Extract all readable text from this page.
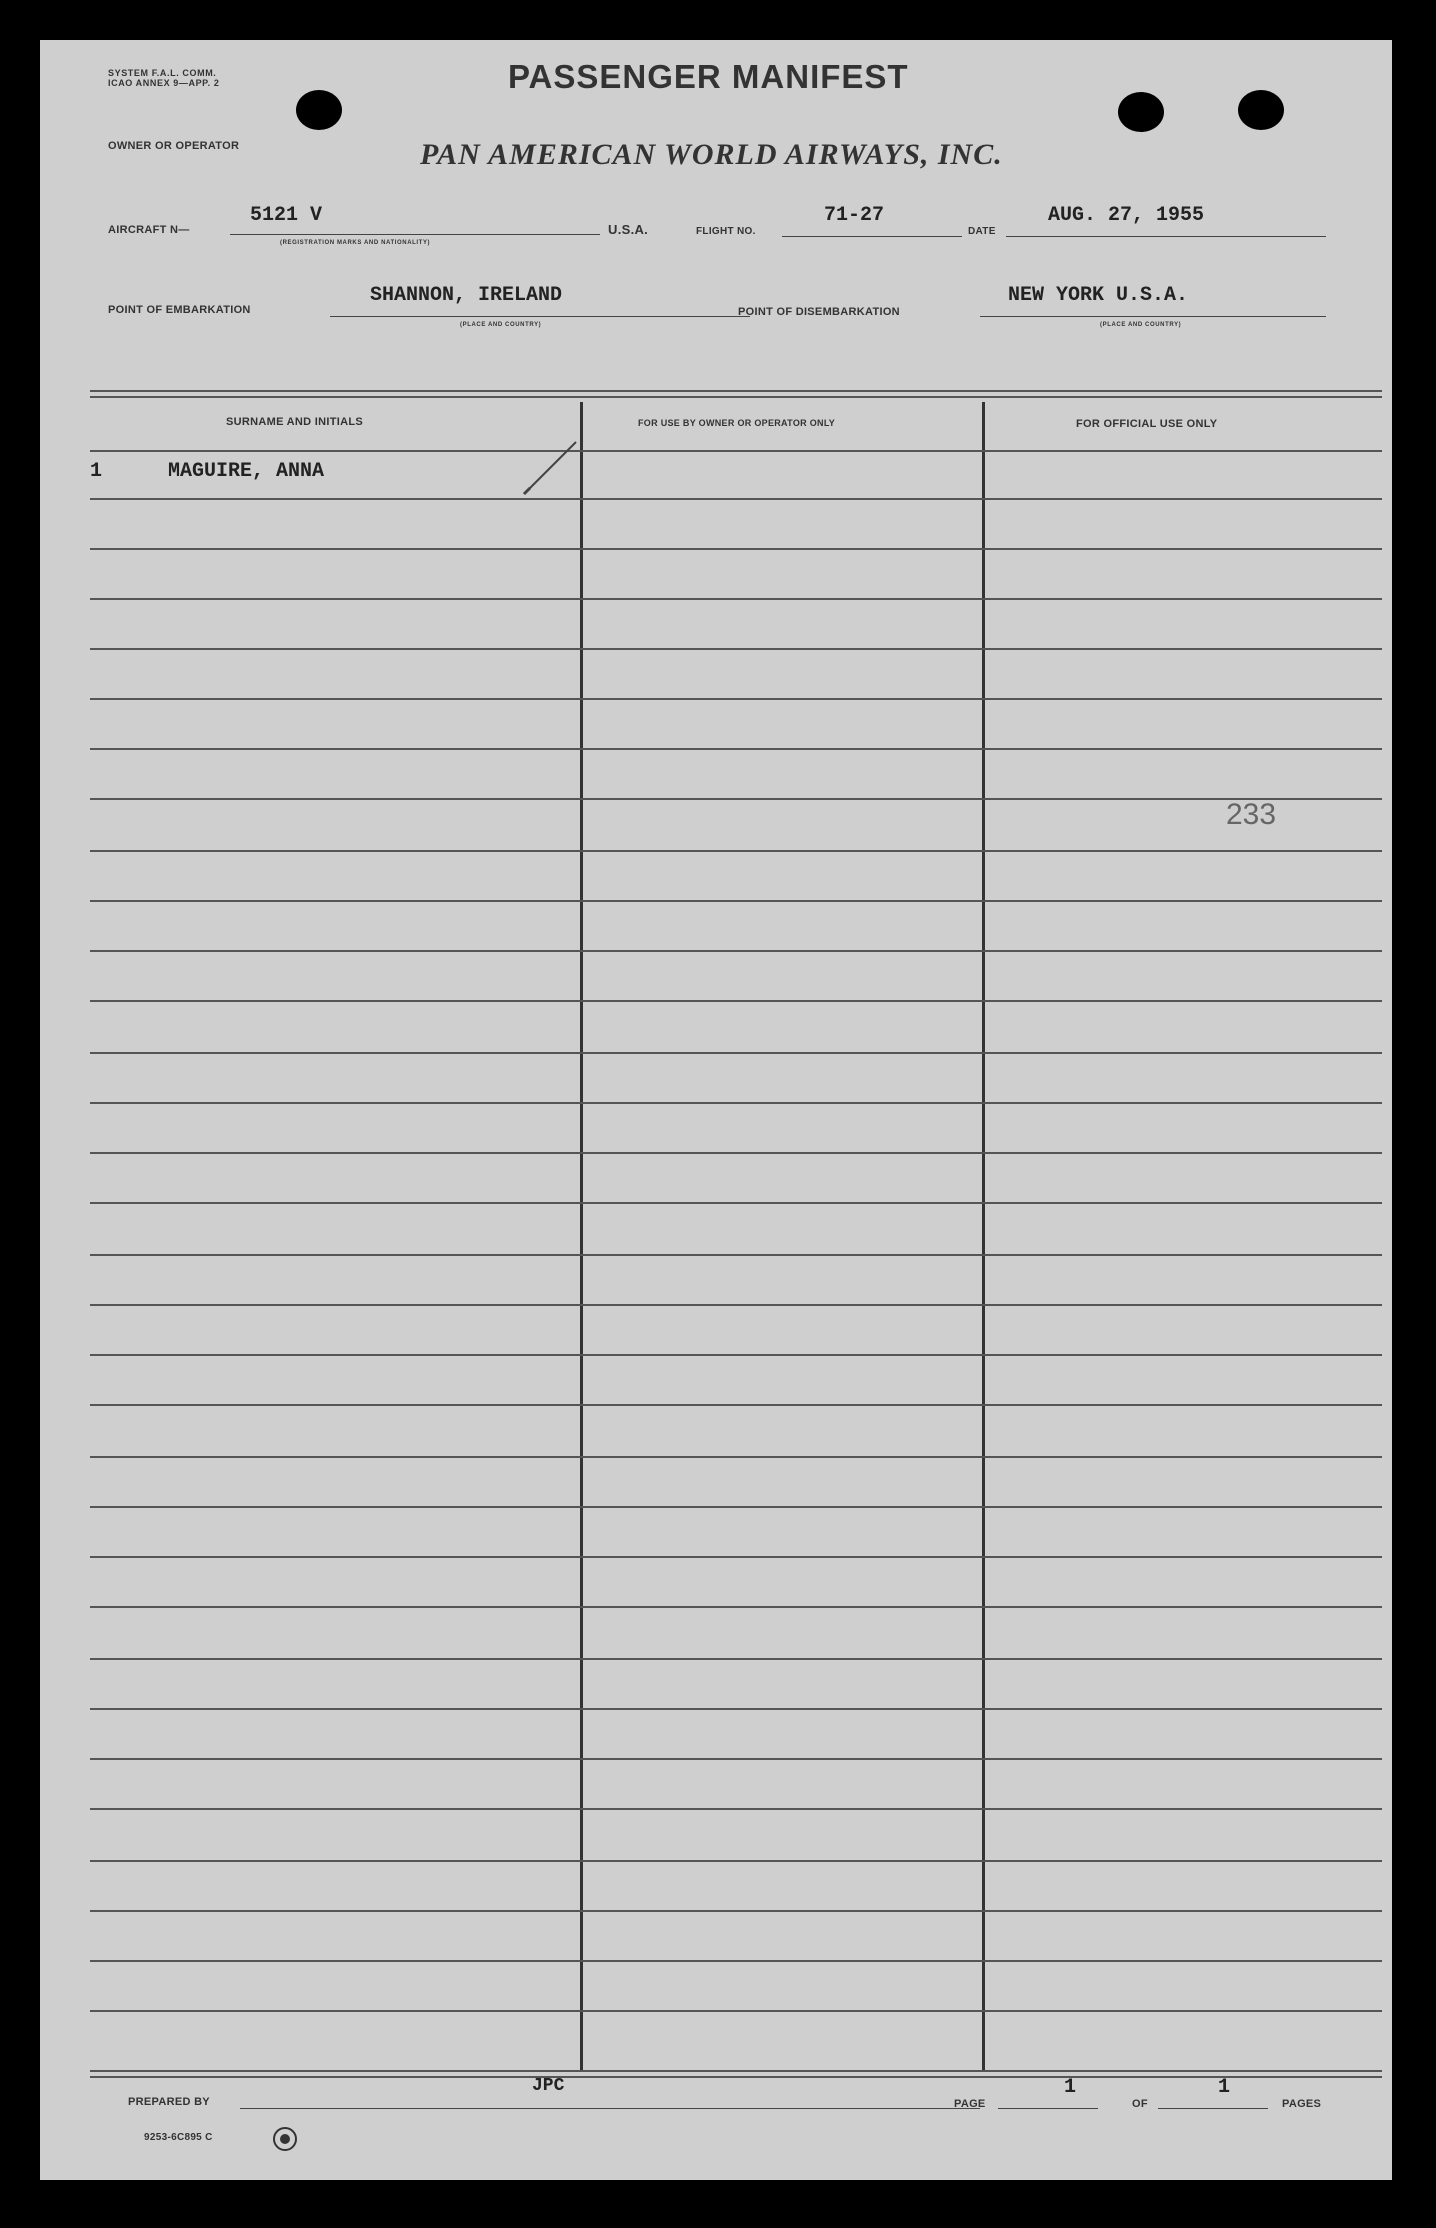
SYSTEM F.A.L. COMM.
ICAO ANNEX 9—APP. 2	PASSENGER MANIFEST
OWNER OR OPERATOR	PAN AMERICAN WORLD AIRWAYS, INC.
AIRCRAFT N—
5121 V
(REGISTRATION MARKS AND NATIONALITY)
U.S.A.	FLIGHT NO.
71-27
DATE
AUG. 27, 1955
POINT OF EMBARKATION
SHANNON, IRELAND
(PLACE AND COUNTRY)
POINT OF DISEMBARKATION
NEW YORK U.S.A.
(PLACE AND COUNTRY)
SURNAME AND INITIALS	FOR USE BY OWNER OR OPERATOR ONLY	FOR OFFICIAL USE ONLY
1	MAGUIRE, ANNA
233
PREPARED BY
JPC
PAGE
1
OF
1
PAGES
9253-6C895 C
